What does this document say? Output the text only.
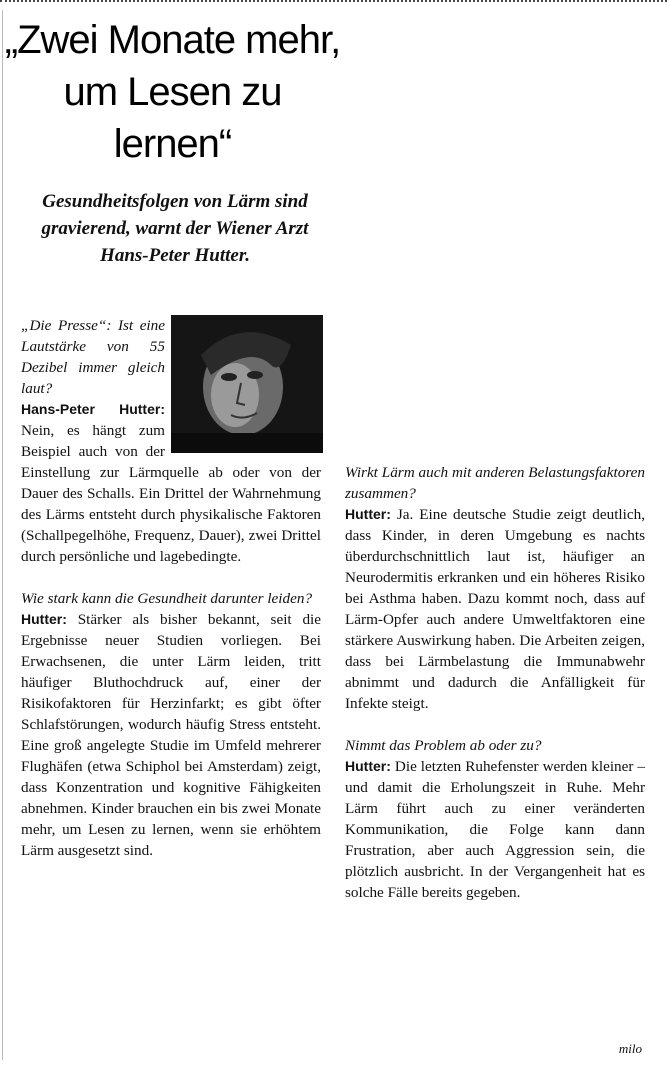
„Zwei Monate mehr, um Lesen zu lernen“
Gesundheitsfolgen von Lärm sind gravierend, warnt der Wiener Arzt Hans-Peter Hutter.

„Die Presse“: Ist eine Lautstärke von 55 Dezibel immer gleich laut?

Hans-Peter Hutter: Nein, es hängt zum Beispiel auch von der Einstellung zur Lärmquelle ab oder von der Dauer des Schalls. Ein Drittel der Wahrnehmung des Lärms entsteht durch physikalische Faktoren (Schallpegelhöhe, Frequenz, Dauer), zwei Drittel durch persönliche und lagebedingte.

Wie stark kann die Gesundheit darunter leiden?

Hutter: Stärker als bisher bekannt, seit die Ergebnisse neuer Studien vorliegen. Bei Erwachsenen, die unter Lärm leiden, tritt häufiger Bluthochdruck auf, einer der Risikofaktoren für Herzinfarkt; es gibt öfter Schlafstörungen, wodurch häufig Stress entsteht. Eine groß angelegte Studie im Umfeld mehrerer Flughäfen (etwa Schiphol bei Amsterdam) zeigt, dass Konzentration und kognitive Fähigkeiten abnehmen. Kinder brauchen ein bis zwei Monate mehr, um Lesen zu lernen, wenn sie erhöhtem Lärm ausgesetzt sind.

Wirkt Lärm auch mit anderen Belastungsfaktoren zusammen?

Hutter: Ja. Eine deutsche Studie zeigt deutlich, dass Kinder, in deren Umgebung es nachts überdurchschnittlich laut ist, häufiger an Neurodermitis erkranken und ein höheres Risiko bei Asthma haben. Dazu kommt noch, dass auf Lärm-Opfer auch andere Umweltfaktoren eine stärkere Auswirkung haben. Die Arbeiten zeigen, dass bei Lärmbelastung die Immunabwehr abnimmt und dadurch die Anfälligkeit für Infekte steigt.

Nimmt das Problem ab oder zu?

Hutter: Die letzten Ruhefenster werden kleiner – und damit die Erholungszeit in Ruhe. Mehr Lärm führt auch zu einer veränderten Kommunikation, die Folge kann dann Frustration, aber auch Aggression sein, die plötzlich ausbricht. In der Vergangenheit hat es solche Fälle bereits gegeben.

milo
